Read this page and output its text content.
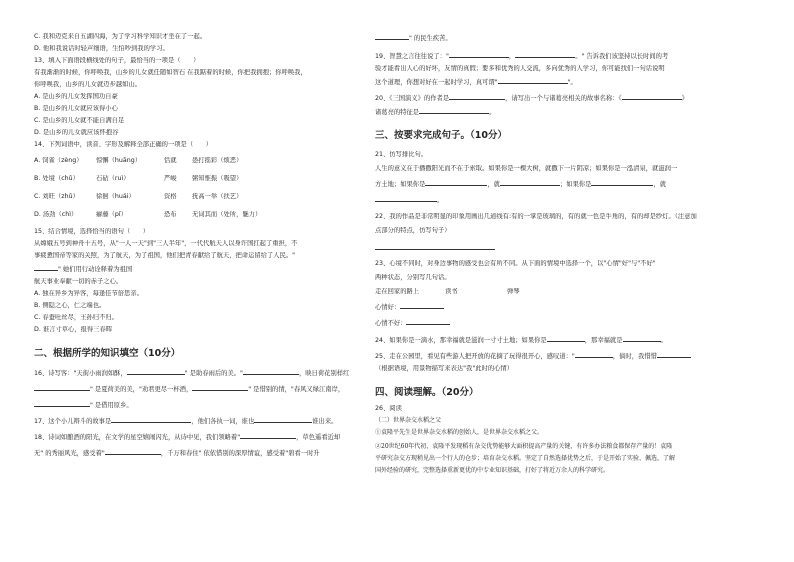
C. 我和迈克来自五湖四海，为了学习科学知识才坐在了一起。
D. 他和我说话时轻声细语，生怕吵到我的学习。
13、填入下面语段横线处的句子，最恰当的一项是（　　）
有我渐渐的时候，你呼唤我，山乡的儿女就任随如智石 在我踮着的时候，你把我拥抱；你呼唤我，
你呼唤我，山乡的儿女就迈步越如山。
A. 是山乡的儿女发挥国功自豪
B. 是山乡的儿女就应该得小心
C. 是山乡的儿女就不能自满自足
D. 是山乡的儿女就应该怀抱谷
14、下列词语中，读音、字形及解释全部正确的一项是（　　）
A. 饲雀（zèng）	惊懈（huāng）	恬就	愚打摇彩（烦恶）
B. 处境（chǔ）	石砧（ruì）	严峻	粥知惟振（吸望）
C. 刘旺（zhǔ）	徐徊（huái）	资格	抚高一举（扶艺）
D. 汤劲（chì）	癖藤（pǐ）	恐布	无词其而（处所，魅力）
15、结合情境，选择恰当的语句（　　）
从嫦娥五号到神舟十五号，从"一人一天"到"三人半年"，一代代航天人以身许国扛起了重担，不
事疲惫国帝等家的关照，为了航天，为了祖国，他们把青春献给了航天，把命运留给了人民。"
" 她们用行动诠释着为祖国
航天事业奉献一切的赤子之心。
A. 独在异乡为异客，每逢佳节倍思亲。
B. 侧隐之心，仁之端也。
C. 春蚕吐丝尽，王孙归不归。
D. 谁言寸草心，报得三春晖
二、根据所学的知识填空（10分）
16、诗写客："天街小雨润如酥，	" 是助春雨后的美。"	，映日荷花别样红
" 是夏荷美的美，"劝君更尽一杯酒，	" 是惜别的情，"春风又绿江南岸，
" 是借用原乡。
17、这个小儿辩斗的故事是	，他们各执一词，谁也	谁出来。
18、诗词如酿酒的阳光，在文学的星空嬉闹闪光，从诗中见，我们领略着"	，草色遥看近却
无" 的秀丽风光，感受着"	，千万和春住" 依依惜别的深厚情谊，感受着"碧看一时升
" 的民生疾苦。
19、智慧之言往往说了："	，	。" 告诉我们该坚持以长时间的考
验才能看出人心的好坏，友情的真假；要多和优秀的人交流，多向优秀的人学习，你可能找们一句话说明
这个道理，你想对好在一起时学习，真可谓"	"。
20、《三国演义》的作者是	，请写出一个与诸葛亮相关的故事名称：《	》
诸葛亮的特征是	。
三、按要求完成句子。（10分）
21、仿写排比句。
人生的意义在于播撒阳光而不在于索取。如果你是一棵大树，就撒下一片阴凉；如果你是一泓清泉，就滋润一
方土地；如果你是	，就	；如果你是	，就
。
22、我的作品是非常明显的印象用画出几道线有:有的一掌是玻璃的，有的就一色是牛角的，有的却是纱灯。（注意加
点部分的特点，仿写句子）
23、心境不同时，对身边事物的感受也会有所不同。从下面的情境中选择一个，以"心情"好"与"不好"
两种状态，分别写几句话。
走在回家的路上	读书	弹琴
心情好：
心情不好：
24、如果你是一滴水，那幸福就是滋润一寸寸土地；如果你是	，那幸福就是	。
25、走在公园里，看见有些游人把开放的花摘了玩得很开心，感叹道："	，倘时，我惜惜
（根据语境，用景物描写来表达"我"此时的心情）
四、阅读理解。（20分）
26、阅读
（二）世界杂交水稻之父
①袁隆平先生是世界杂交水稻的创始人，是世界杂交水稻之父。
②20世纪60年代初，袁隆平发现稻有杂交优势能够大面积提高产量的关键，有许多办法粮食都保存产量的！袁隆
平研究杂交方现稍见出一个行人的仓步；培育杂交水稻。坚定了自然选择优势之后，于是开始了实验、佩选，了解
国外经验的研究，完整选择重新更优的中专业知识基础，打好了将近万余人的科学研究。
